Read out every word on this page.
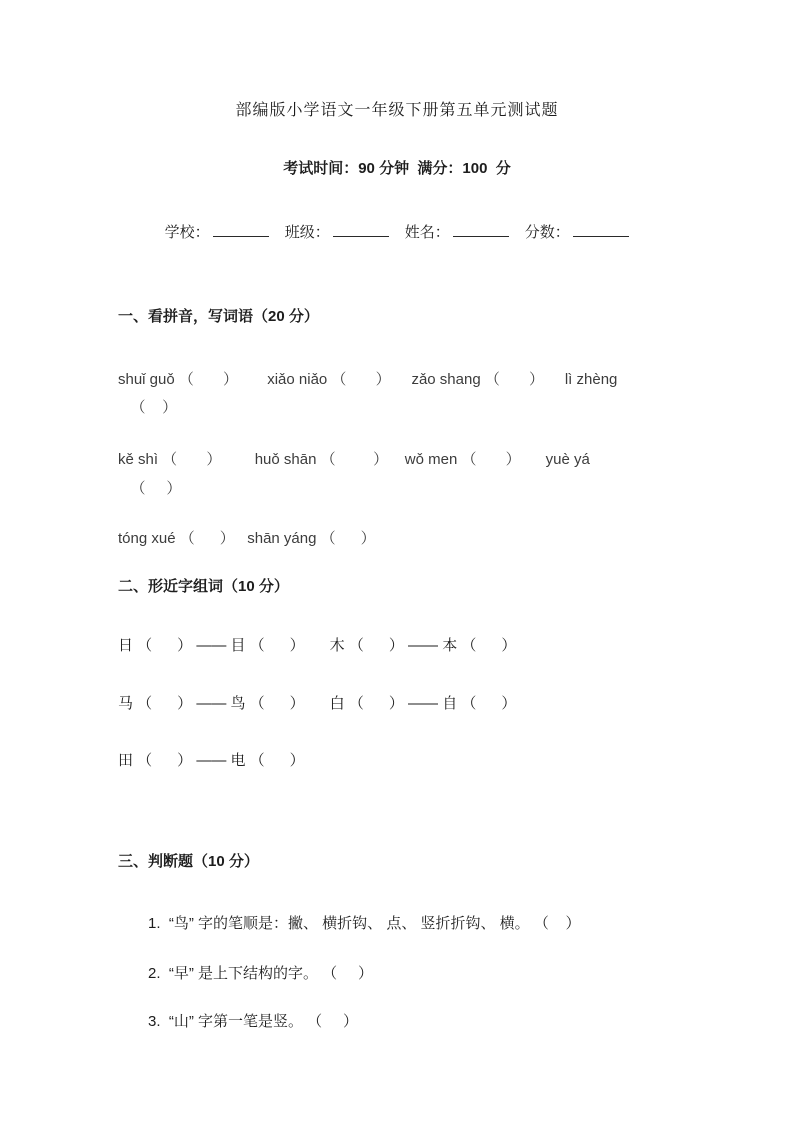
部编版小学语文一年级下册第五单元测试题
考试时间：90 分钟  满分：100  分

学校：	班级：	姓名：	分数：

一、看拼音，写词语（20 分）
shuǐ guǒ （       ）       xiǎo niǎo （       ）     zǎo shang （       ）     lì zhèng
（    ）
kě shì （       ）        huǒ shān （         ）    wǒ men （       ）      yuè yá
（     ）
tóng xué （      ）   shān yáng （      ）
二、形近字组词（10 分）
日 （      ） —— 目 （      ）      木 （      ） —— 本 （      ）
马 （      ） —— 鸟 （      ）      白 （      ） —— 自 （      ）
田 （      ） —— 电 （      ）
三、判断题（10 分）
1.  “鸟” 字的笔顺是：撇、 横折钩、 点、 竖折折钩、 横。 （    ）
2.  “早” 是上下结构的字。 （     ）
3.  “山” 字第一笔是竖。 （     ）
